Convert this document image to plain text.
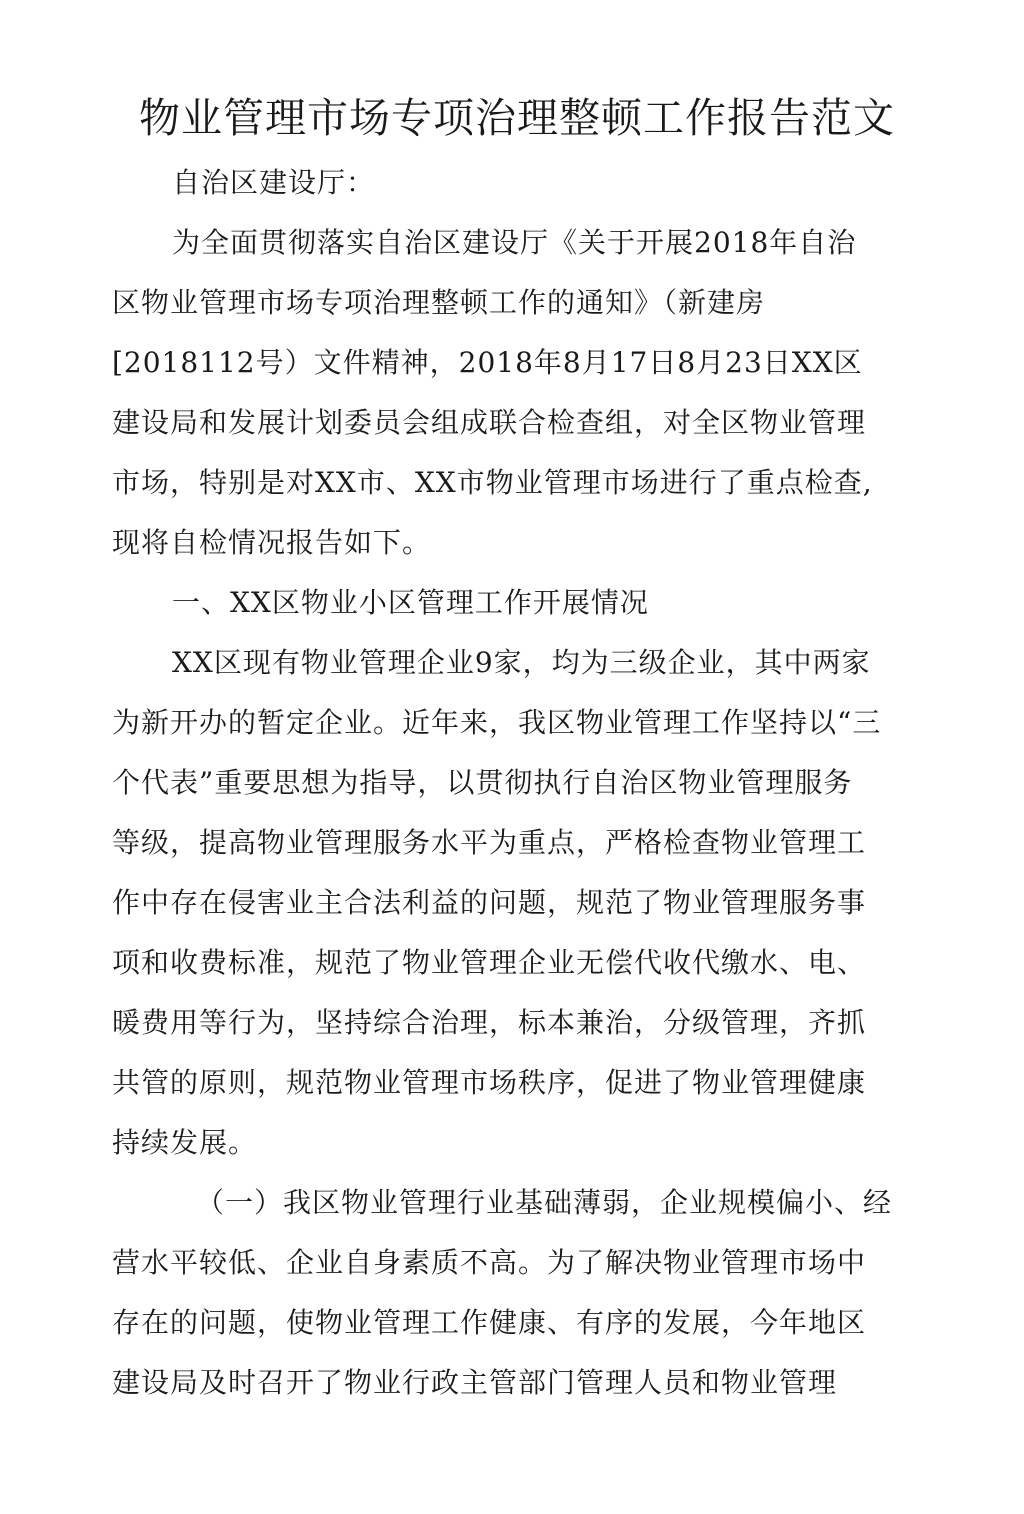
物业管理市场专项治理整顿工作报告范文
自治区建设厅：
为全面贯彻落实自治区建设厅《关于开展2018年自治
区物业管理市场专项治理整顿工作的通知》（新建房
[2018112号）文件精神，2018年8月17日8月23日XX区
建设局和发展计划委员会组成联合检查组，对全区物业管理
市场，特别是对XX市、XX市物业管理市场进行了重点检查,
现将自检情况报告如下。
一、XX区物业小区管理工作开展情况
XX区现有物业管理企业9家，均为三级企业，其中两家
为新开办的暂定企业。近年来，我区物业管理工作坚持以“三
个代表”重要思想为指导，以贯彻执行自治区物业管理服务
等级，提高物业管理服务水平为重点，严格检查物业管理工
作中存在侵害业主合法利益的问题，规范了物业管理服务事
项和收费标准，规范了物业管理企业无偿代收代缴水、电、
暖费用等行为，坚持综合治理，标本兼治，分级管理，齐抓
共管的原则，规范物业管理市场秩序，促进了物业管理健康
持续发展。
（一）我区物业管理行业基础薄弱，企业规模偏小、经
营水平较低、企业自身素质不高。为了解决物业管理市场中
存在的问题，使物业管理工作健康、有序的发展，今年地区
建设局及时召开了物业行政主管部门管理人员和物业管理
